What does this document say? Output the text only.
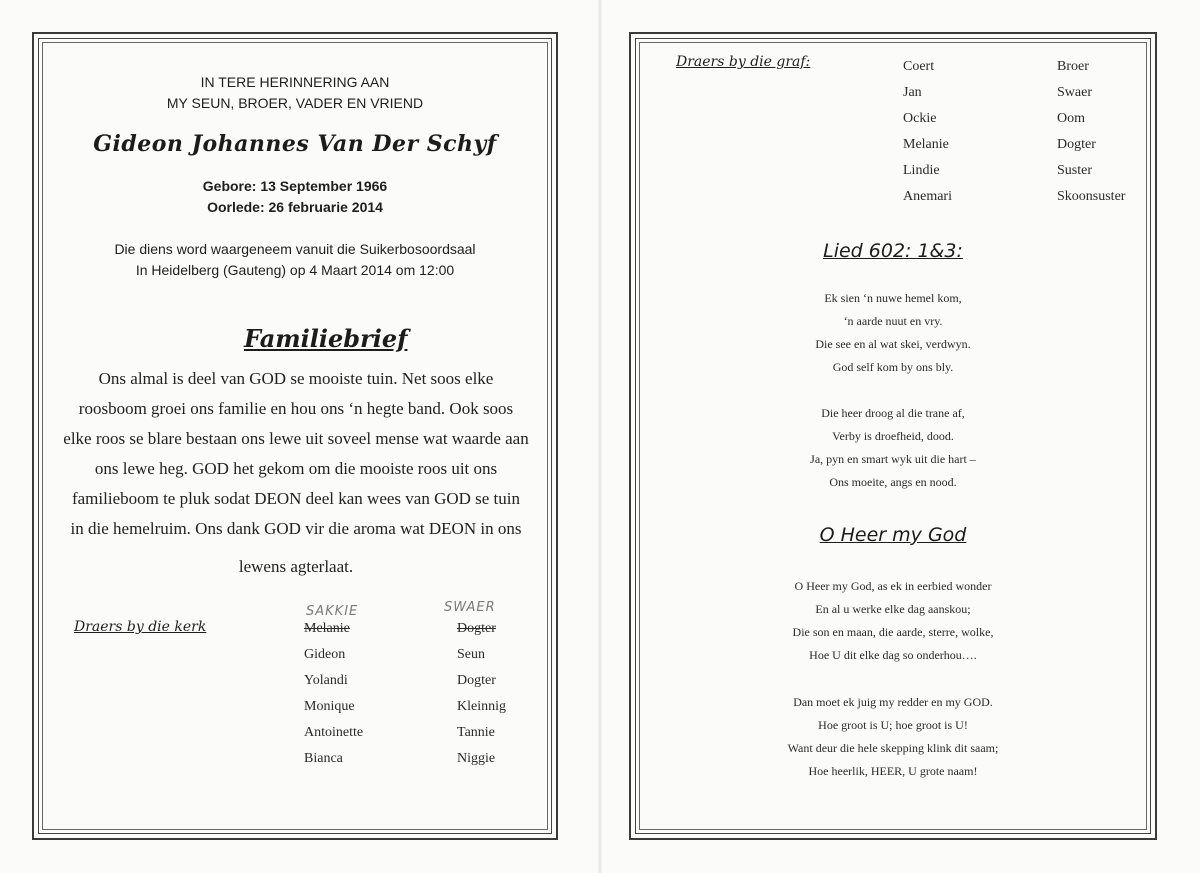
IN TERE HERINNERING AAN
MY SEUN, BROER, VADER EN VRIEND
Gideon Johannes Van Der Schyf
Gebore: 13 September 1966
Oorlede: 26 februarie 2014
Die diens word waargeneem vanuit die Suikerbosoordsaal
In Heidelberg (Gauteng) op 4 Maart 2014 om 12:00
Familiebrief
Ons almal is deel van GOD se mooiste tuin. Net soos elke
roosboom groei ons familie en hou ons ‘n hegte band. Ook soos
elke roos se blare bestaan ons lewe uit soveel mense wat waarde aan
ons lewe heg. GOD het gekom om die mooiste roos uit ons
familieboom te pluk sodat DEON deel kan wees van GOD se tuin
in die hemelruim. Ons dank GOD vir die aroma wat DEON in ons
lewens agterlaat.
Draers by die kerk
SAKKIE	SWAER
Melanie
Gideon
Yolandi
Monique
Antoinette
Bianca
Dogter
Seun
Dogter
Kleinnig
Tannie
Niggie
Draers by die graf:	Coert
Jan
Ockie
Melanie
Lindie
Anemari
Broer
Swaer
Oom
Dogter
Suster
Skoonsuster
Lied 602: 1&3:
Ek sien ‘n nuwe hemel kom,
‘n aarde nuut en vry.
Die see en al wat skei, verdwyn.
God self kom by ons bly.
Die heer droog al die trane af,
Verby is droefheid, dood.
Ja, pyn en smart wyk uit die hart –
Ons moeite, angs en nood.
O Heer my God
O Heer my God, as ek in eerbied wonder
En al u werke elke dag aanskou;
Die son en maan, die aarde, sterre, wolke,
Hoe U dit elke dag so onderhou….
Dan moet ek juig my redder en my GOD.
Hoe groot is U; hoe groot is U!
Want deur die hele skepping klink dit saam;
Hoe heerlik, HEER, U grote naam!
